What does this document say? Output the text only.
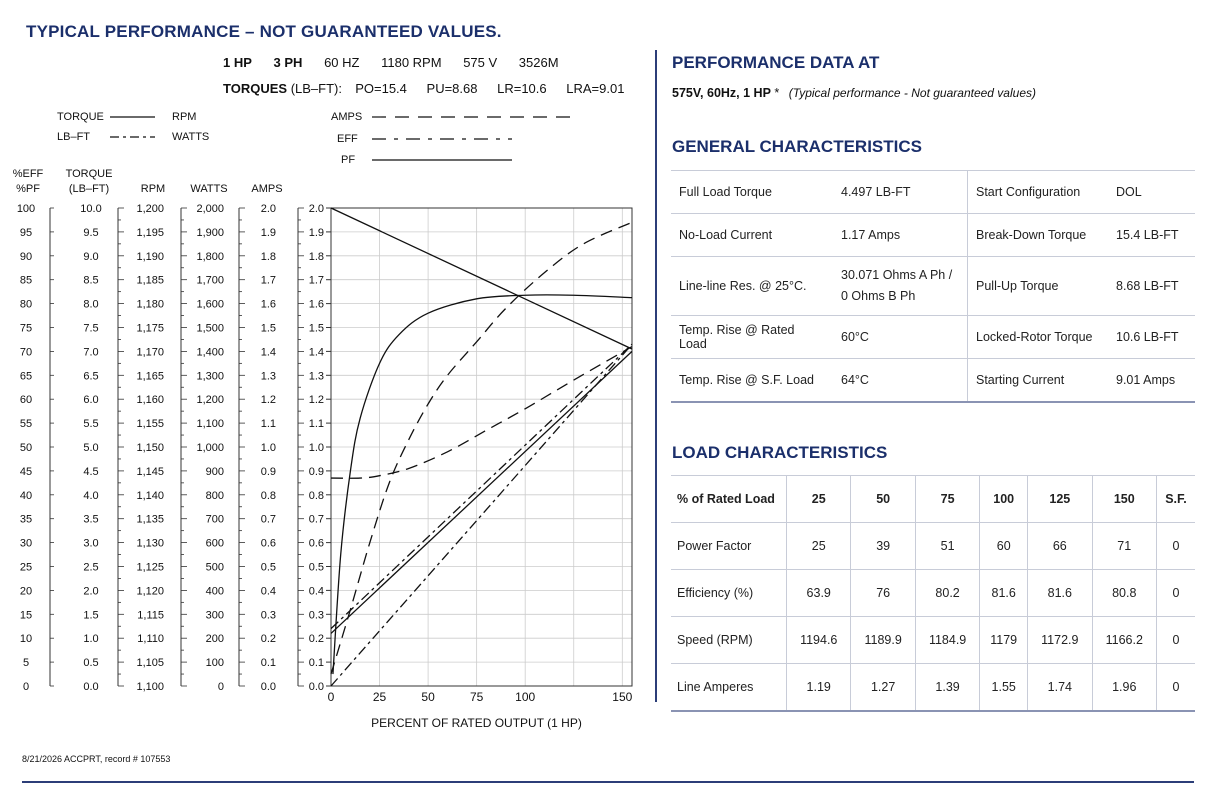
TYPICAL PERFORMANCE – NOT GUARANTEED VALUES.
1 HP 3 PH 60 HZ 1180 RPM 575 V 3526M
TORQUES (LB–FT): PO=15.4 PU=8.68 LR=10.6 LRA=9.01
TORQUE	RPM
LB–FT	WATTS
AMPS
EFF
PF
0.0
0.1
0.2
0.3
0.4
0.5
0.6
0.7
0.8
0.9
1.0
1.1
1.2
1.3
1.4
1.5
1.6
1.7
1.8
1.9
2.0
0	25	50	75	100	150
PERCENT OF RATED OUTPUT (1 HP)
100
95
90
85
80
75
70
65
60
55
50
45
40
35
30
25
20
15
10
5
0
10.0
9.5
9.0
8.5
8.0
7.5
7.0
6.5
6.0
5.5
5.0
4.5
4.0
3.5
3.0
2.5
2.0
1.5
1.0
0.5
0.0
1,200
1,195
1,190
1,185
1,180
1,175
1,170
1,165
1,160
1,155
1,150
1,145
1,140
1,135
1,130
1,125
1,120
1,115
1,110
1,105
1,100
2,000
1,900
1,800
1,700
1,600
1,500
1,400
1,300
1,200
1,100
1,000
900
800
700
600
500
400
300
200
100
0
2.0
1.9
1.8
1.7
1.6
1.5
1.4
1.3
1.2
1.1
1.0
0.9
0.8
0.7
0.6
0.5
0.4
0.3
0.2
0.1
0.0
%EFF
%PF
TORQUE
(LB–FT)	RPM WATTS AMPS
8/21/2026 ACCPRT, record # 107553
PERFORMANCE DATA AT
575V, 60Hz, 1 HP * (Typical performance - Not guaranteed values)
GENERAL CHARACTERISTICS
Full Load Torque	4.497 LB-FT	Start Configuration	DOL
No-Load Current	1.17 Amps	Break-Down Torque	15.4 LB-FT
Line-line Res. @ 25°C.	30.071 Ohms A Ph /
0 Ohms B Ph	Pull-Up Torque	8.68 LB-FT
Temp. Rise @ Rated Load	60°C	Locked-Rotor Torque	10.6 LB-FT
Temp. Rise @ S.F. Load	64°C	Starting Current	9.01 Amps
LOAD CHARACTERISTICS
% of Rated Load	25	50	75	100	125	150	S.F.
Power Factor	25	39	51	60	66	71	0
Efficiency (%)	63.9	76	80.2	81.6	81.6	80.8	0
Speed (RPM)	1194.6	1189.9	1184.9	1179	1172.9	1166.2	0
Line Amperes	1.19	1.27	1.39	1.55	1.74	1.96	0
